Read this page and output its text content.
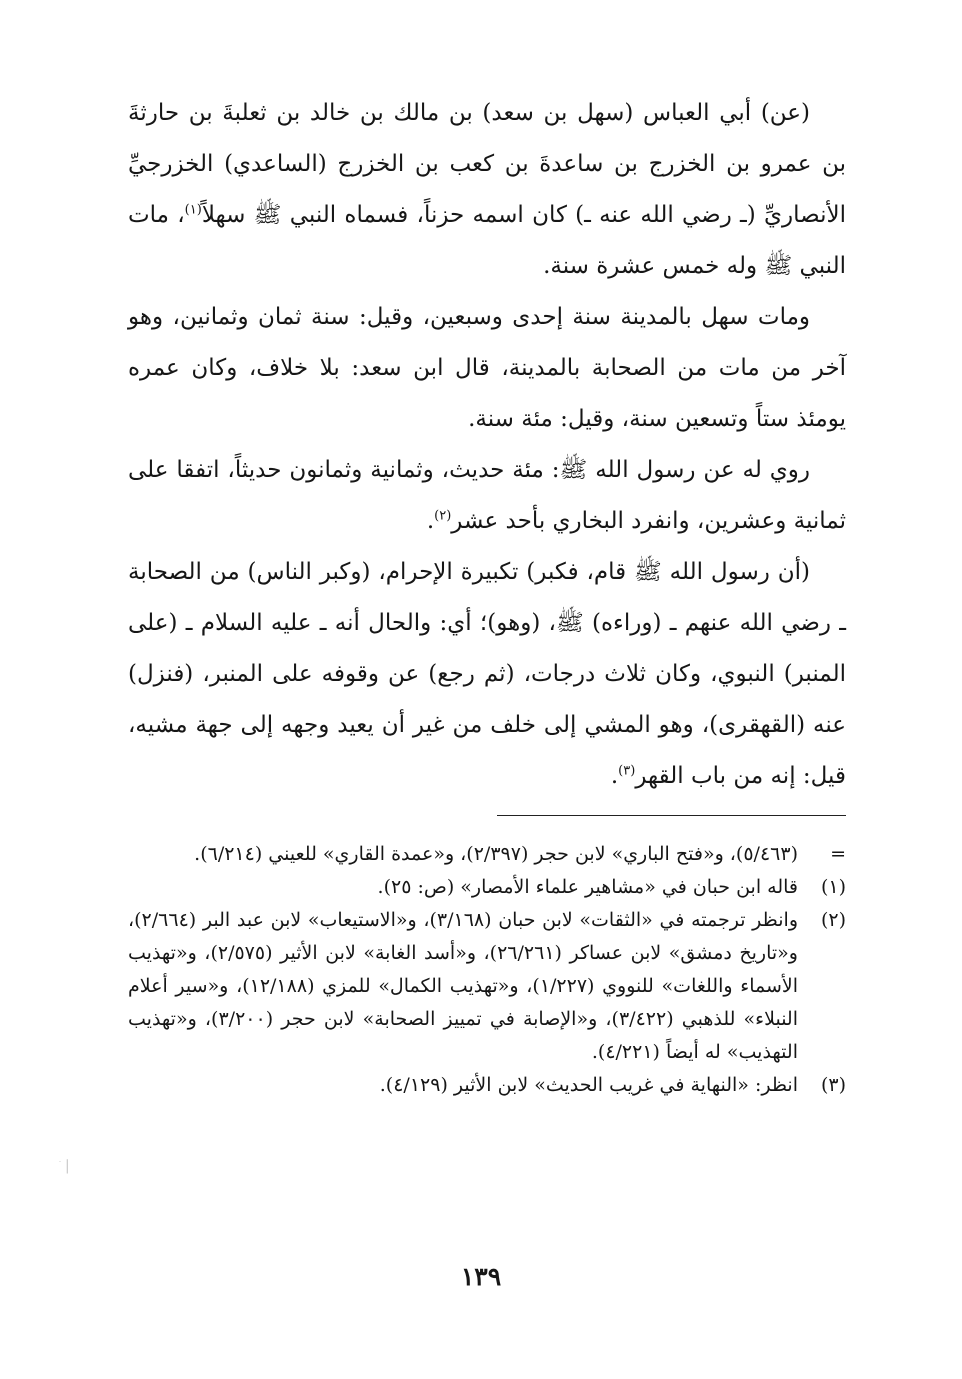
(عن) أبي العباس (سهل بن سعد) بن مالك بن خالد بن ثعلبةَ بن حارثةَ بن عمرو بن الخزرج بن ساعدةَ بن كعب بن الخزرج (الساعدي) الخزرجيِّ الأنصاريِّ (ـ رضي الله عنه ـ) كان اسمه حزناً، فسماه النبي ﷺ سهلاً$^{(١)}$، مات النبي ﷺ وله خمس عشرة سنة.

ومات سهل بالمدينة سنة إحدى وسبعين، وقيل: سنة ثمان وثمانين، وهو آخر من مات من الصحابة بالمدينة، قال ابن سعد: بلا خلاف، وكان عمره يومئذ ستاً وتسعين سنة، وقيل: مئة سنة.

روي له عن رسول الله ﷺ: مئة حديث، وثمانية وثمانون حديثاً، اتفقا على ثمانية وعشرين، وانفرد البخاري بأحد عشر$^{(٢)}$.

(أن رسول الله ﷺ قام، فكبر) تكبيرة الإحرام، (وكبر الناس) من الصحابة ـ رضي الله عنهم ـ (وراءه) ﷺ، (وهو)؛ أي: والحال أنه ـ عليه السلام ـ (على المنبر) النبوي، وكان ثلاث درجات، (ثم رجع) عن وقوفه على المنبر، (فنزل) عنه (القهقرى)، وهو المشي إلى خلف من غير أن يعيد وجهه إلى جهة مشيه، قيل: إنه من باب القهر$^{(٣)}$.

=
(٥/٤٦٣)، و«فتح الباري» لابن حجر (٢/٣٩٧)، و«عمدة القاري» للعيني (٦/٢١٤).
(١)
قاله ابن حبان في «مشاهير علماء الأمصار» (ص: ٢٥).
(٢)
وانظر ترجمته في «الثقات» لابن حبان (٣/١٦٨)، و«الاستيعاب» لابن عبد البر (٢/٦٦٤)، و«تاريخ دمشق» لابن عساكر (٢٦/٢٦١)، و«أسد الغابة» لابن الأثير (٢/٥٧٥)، و«تهذيب الأسماء واللغات» للنووي (١/٢٢٧)، و«تهذيب الكمال» للمزي (١٢/١٨٨)، و«سير أعلام النبلاء» للذهبي (٣/٤٢٢)، و«الإصابة في تمييز الصحابة» لابن حجر (٣/٢٠٠)، و«تهذيب التهذيب» له أيضاً (٤/٢٢١).
(٣)
انظر: «النهاية في غريب الحديث» لابن الأثير (٤/١٢٩).
١٣٩
ׄ ׀
